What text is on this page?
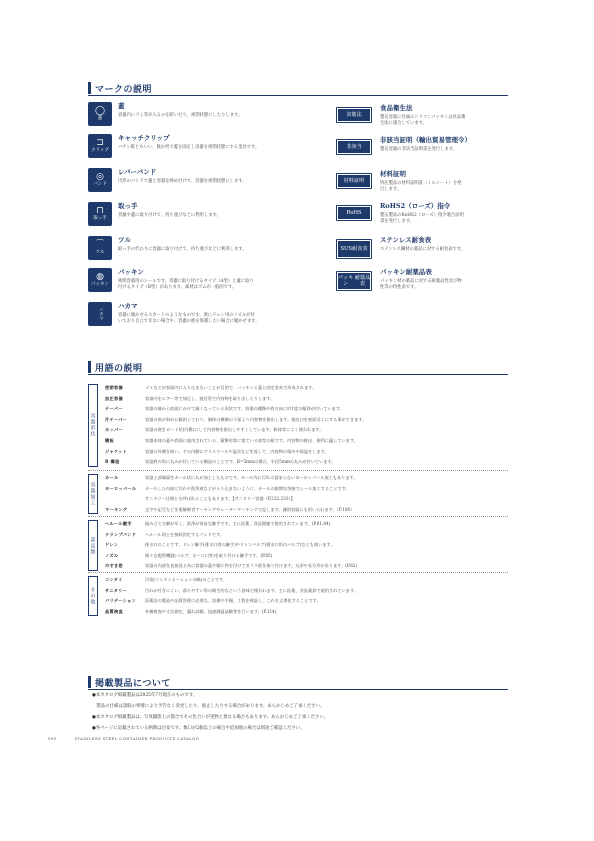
マークの説明
◯
蓋
蓋
容器内にゴミ等が入るのを防いだり、密閉状態にしたりします。
⊐
クリップ
キャッチクリップ
バチン錠ともいい、数か所で蓋を固定し容器を密閉状態にする金具です。
◎
バンド
レバーバンド
円形のバンドで蓋と容器を締め付けて、容器を密閉状態にします。
⊓
取っ手
取っ手
容器や蓋に取り付けて、持ち運びなどに利用します。
⌒
ツル
ツル
取っ手の代わりに容器に取り付けて、持ち運びなどに利用します。
◍
パッキン
パッキン
密閉容器用のシールです。容器に取り付けるタイプ（A型）と蓋に取り
付けるタイプ（B型）があります。素材はゴムが一般的です。
ハカマ
ハカマ
容器に履かせるスカートのようなものです。底にドレン用のノズルが付
いており自立できない場合や、容器の底を保護したい場合に履かせます。
食衛法
食品衛生法
製缶容器に付属のシリコンパッキンは食品衛
生法に適合しています。
非該当
非該当証明（輸出貿易管理令）
製缶容器の非該当証明書を発行します。
材料証明
材料証明
特注製品の材料証明書（ミルシート）を発
行します。
RoHS
RoHS2（ローズ）指令
製缶製品のRoHS2（ローズ）指令適合証明
書を発行します。
SUS 耐食表
ステンレス耐食表
ステンレス鋼材の薬品に対する耐食表です。
パッキン

耐薬品表
パッキン耐薬品表
パッキン材の薬品に対する耐薬品性及び物
性等の特性表です。
用語の説明
容器形状
密閉容器	ゴミなどが容器内に入り込まないことが目的で、パッキンと蓋と固定金具で形成されます。
加圧容器	容器内をエアー等で加圧し、液送管で内容物を取り出したりします。
テーパー	容器の縁から底面にかけて細くなっている形状です。容器の種類や底方向に約1度の傾斜が付いています。
片テーパー	容器の底が斜めに傾斜しており、胴体の横側の下部より内容物を排出します。排出口を底面近くにする事ができます。
ホッパー	容器の底をロート状(円錐)にして内容物を排出しやすくしています。粉体等によく使われます。
鏡板	容器本体の蓋や底面に使用されている、鏡餅形状に似ている皿型の板です。内容物の排出、便利に適しています。
ジャケット	容器の外側を囲い、その内側にグラスウールや温水などを流して、内容物の保冷や保温をします。
R 構造	容器底の角に丸みが付いている構造のことです。R=5mmの場合、半径5mmの丸みが付いています。
容器加工
カール	容器上部端面をカール状に丸め加工したものです。カール内に汚れの溜まらないヨーロッパール加工もあります。
ヨーロッパール	カールした内部に汚れや洗浄液などが入り込まないように、カールの隙間を溶接でシール加工することです。
サニタリー仕様とも呼ばれることもあります。【サニタリー容器（P.222,233）】
マーキング	文字や記号などを電解腐食マーキングやレーザーマーキングで記します。識別容器にも用いられます。（P.108）
部品類
ヘルール継手	組み立て分解が早く、洗浄が容易な継手です。主に医薬、食品関連で使用されています。(P.81,84)
クランプバンド	ヘルール同士を接続固定するバンドです。
ドレン	排水口のことです。ドレン継手(排水口用の継手)やドレンバルブ(排水口用のバルブ)なども使います。
ノズル	様々な配管機器(バルブ、ホース口等)を取り付ける継手です。(P.85)
のぞき窓	容器の内部を直接見る為に容器の蓋や胴に枠を付けてガラス板を取り付けます。丸形や長方形があります。(P.82)
その他
コンタミ	汚染(コンタミネーションの略)のことです。
サニタリー	汚れが付きにくい、落ちやすい等の衛生的なという意味で使われます。主に医薬、食品業界で使用されています。
バリデーション	医薬品の製造や品質管理に必要な、設備や手順、工程を検証し、これを文書化することです。
品質検査	外観検査や寸法測定、漏れ試験、流速測温試験等を行います。(P.114)
掲載製品について
●本カタログ掲載製品は2025年7月現在のものです。
　製品の仕様は諸般の事情により予告なく変更したり、廃止したりする場合があります。あらかじめご了承ください。
●本カタログ掲載製品は、写真撮影上の都合でその色合いが実物と異なる場合もあります。あらかじめご了承ください。
●各ページに記載されている納期は目安です。数口が2個以上の場合や追加他の場合は別途ご確認ください。
000	STAINLESS STEEL CONTAINER PRODUCTS CATALOG
